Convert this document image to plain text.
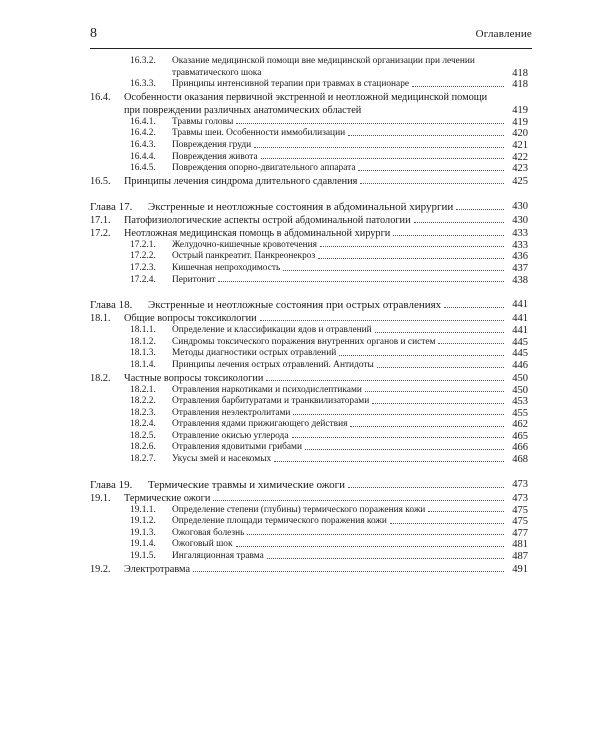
8	Оглавление
16.3.2. Оказание медицинской помощи вне медицинской организации при лечении травматического шока	418
16.3.3. Принципы интенсивной терапии при травмах в стационаре	418
16.4. Особенности оказания первичной экстренной и неотложной медицинской помощи при повреждении различных анатомических областей	419
16.4.1. Травмы головы	419
16.4.2. Травмы шеи. Особенности иммобилизации	420
16.4.3. Повреждения груди	421
16.4.4. Повреждения живота	422
16.4.5. Повреждения опорно-двигательного аппарата	423
16.5. Принципы лечения синдрома длительного сдавления	425
Глава 17. Экстренные и неотложные состояния в абдоминальной хирургии	430
17.1. Патофизиологические аспекты острой абдоминальной патологии	430
17.2. Неотложная медицинская помощь в абдоминальной хирурги	433
17.2.1. Желудочно-кишечные кровотечения	433
17.2.2. Острый панкреатит. Панкреонекроз	436
17.2.3. Кишечная непроходимость	437
17.2.4. Перитонит	438
Глава 18. Экстренные и неотложные состояния при острых отравлениях	441
18.1. Общие вопросы токсикологии	441
18.1.1. Определение и классификации ядов и отравлений	441
18.1.2. Синдромы токсического поражения внутренних органов и систем	445
18.1.3. Методы диагностики острых отравлений	445
18.1.4. Принципы лечения острых отравлений. Антидоты	446
18.2. Частные вопросы токсикологии	450
18.2.1. Отравления наркотиками и психодислептиками	450
18.2.2. Отравления барбитуратами и транквилизаторами	453
18.2.3. Отравления неэлектролитами	455
18.2.4. Отравления ядами прижигающего действия	462
18.2.5. Отравление окисью углерода	465
18.2.6. Отравления ядовитыми грибами	466
18.2.7. Укусы змей и насекомых	468
Глава 19. Термические травмы и химические ожоги	473
19.1. Термические ожоги	473
19.1.1. Определение степени (глубины) термического поражения кожи	475
19.1.2. Определение площади термического поражения кожи	475
19.1.3. Ожоговая болезнь	477
19.1.4. Ожоговый шок	481
19.1.5. Ингаляционная травма	487
19.2. Электротравма	491
